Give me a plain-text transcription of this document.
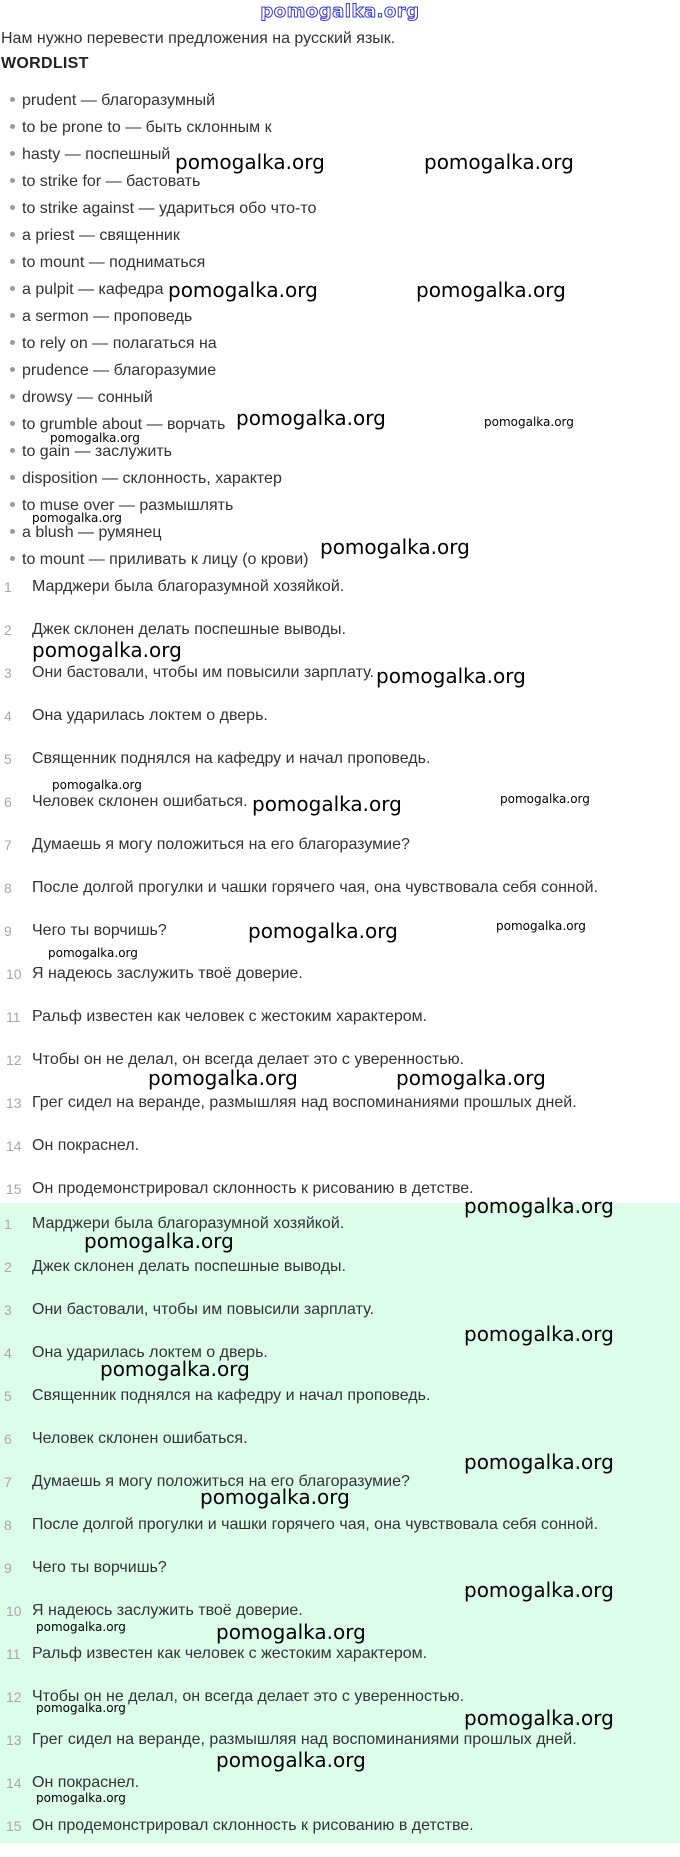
pomogalka.org
Нам нужно перевести предложения на русский язык.
WORDLIST
prudent — благоразумный
to be prone to — быть склонным к
hasty — поспешный
to strike for — бастовать
to strike against — удариться обо что-то
a priest — священник
to mount — подниматься
a pulpit — кафедра
a sermon — проповедь
to rely on — полагаться на
prudence — благоразумие
drowsy — сонный
to grumble about — ворчать
to gain — заслужить
disposition — склонность, характер
to muse over — размышлять
a blush — румянец
to mount — приливать к лицу (о крови)
1	Марджери была благоразумной хозяйкой.
2	Джек склонен делать поспешные выводы.
3	Они бастовали, чтобы им повысили зарплату.
4	Она ударилась локтем о дверь.
5	Священник поднялся на кафедру и начал проповедь.
6	Человек склонен ошибаться.
7	Думаешь я могу положиться на его благоразумие?
8	После долгой прогулки и чашки горячего чая, она чувствовала себя сонной.
9	Чего ты ворчишь?
10 Я надеюсь заслужить твоё доверие.
11 Ральф известен как человек с жестоким характером.
12 Чтобы он не делал, он всегда делает это с уверенностью.
13 Грег сидел на веранде, размышляя над воспоминаниями прошлых дней.
14 Он покраснел.
15 Он продемонстрировал склонность к рисованию в детстве.
1	Марджери была благоразумной хозяйкой.
2	Джек склонен делать поспешные выводы.
3	Они бастовали, чтобы им повысили зарплату.
4	Она ударилась локтем о дверь.
5	Священник поднялся на кафедру и начал проповедь.
6	Человек склонен ошибаться.
7	Думаешь я могу положиться на его благоразумие?
8	После долгой прогулки и чашки горячего чая, она чувствовала себя сонной.
9	Чего ты ворчишь?
10 Я надеюсь заслужить твоё доверие.
11 Ральф известен как человек с жестоким характером.
12 Чтобы он не делал, он всегда делает это с уверенностью.
13 Грег сидел на веранде, размышляя над воспоминаниями прошлых дней.
14 Он покраснел.
15 Он продемонстрировал склонность к рисованию в детстве.
pomogalka.org	pomogalka.org
pomogalka.org	pomogalka.org
pomogalka.org	pomogalka.org
pomogalka.org
pomogalka.org
pomogalka.org
pomogalka.org
pomogalka.org
pomogalka.org
pomogalka.org	pomogalka.org
pomogalka.org	pomogalka.org
pomogalka.org
pomogalka.org	pomogalka.org
pomogalka.org
pomogalka.org
pomogalka.org
pomogalka.org
pomogalka.org
pomogalka.org
pomogalka.org
pomogalka.org	pomogalka.org
pomogalka.org
pomogalka.org
pomogalka.org
pomogalka.org
